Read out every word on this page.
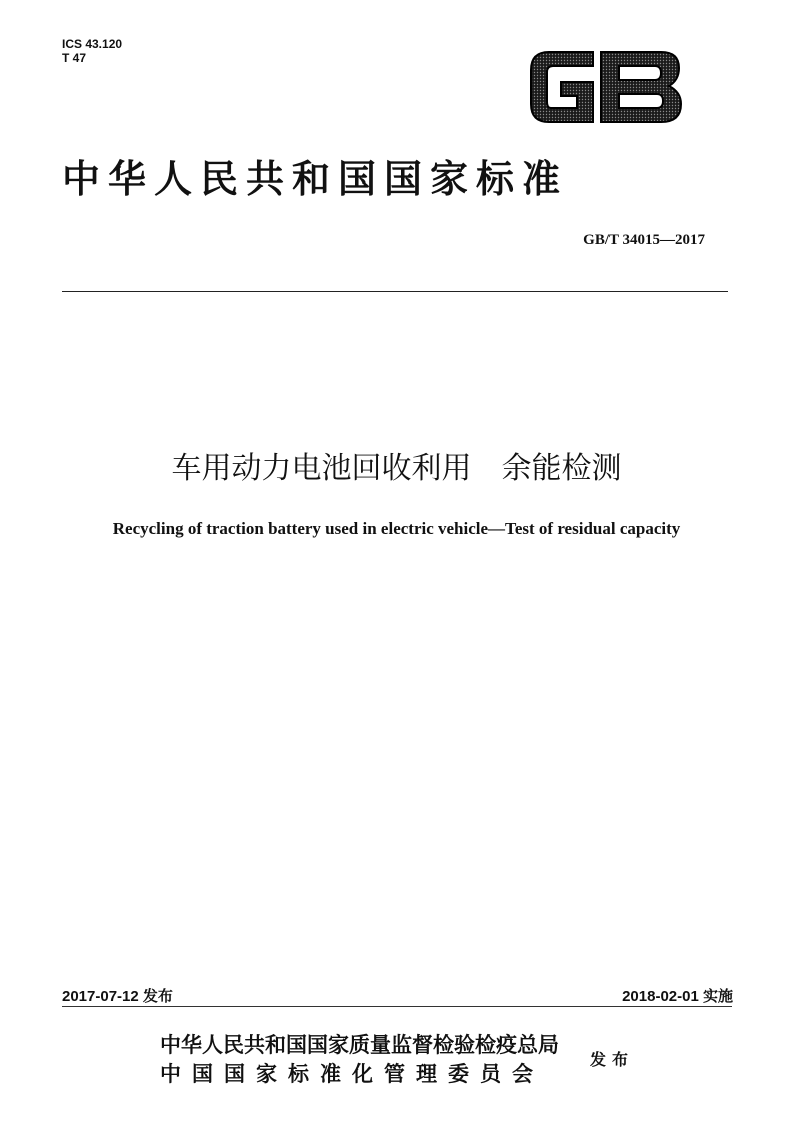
ICS 43.120
T 47
中华人民共和国国家标准
GB/T 34015—2017
车用动力电池回收利用　余能检测
Recycling of traction battery used in electric vehicle—Test of residual capacity
2017-07-12 发布	2018-02-01 实施
中华人民共和国国家质量监督检验检疫总局
中国国家标准化管理委员会
发布
